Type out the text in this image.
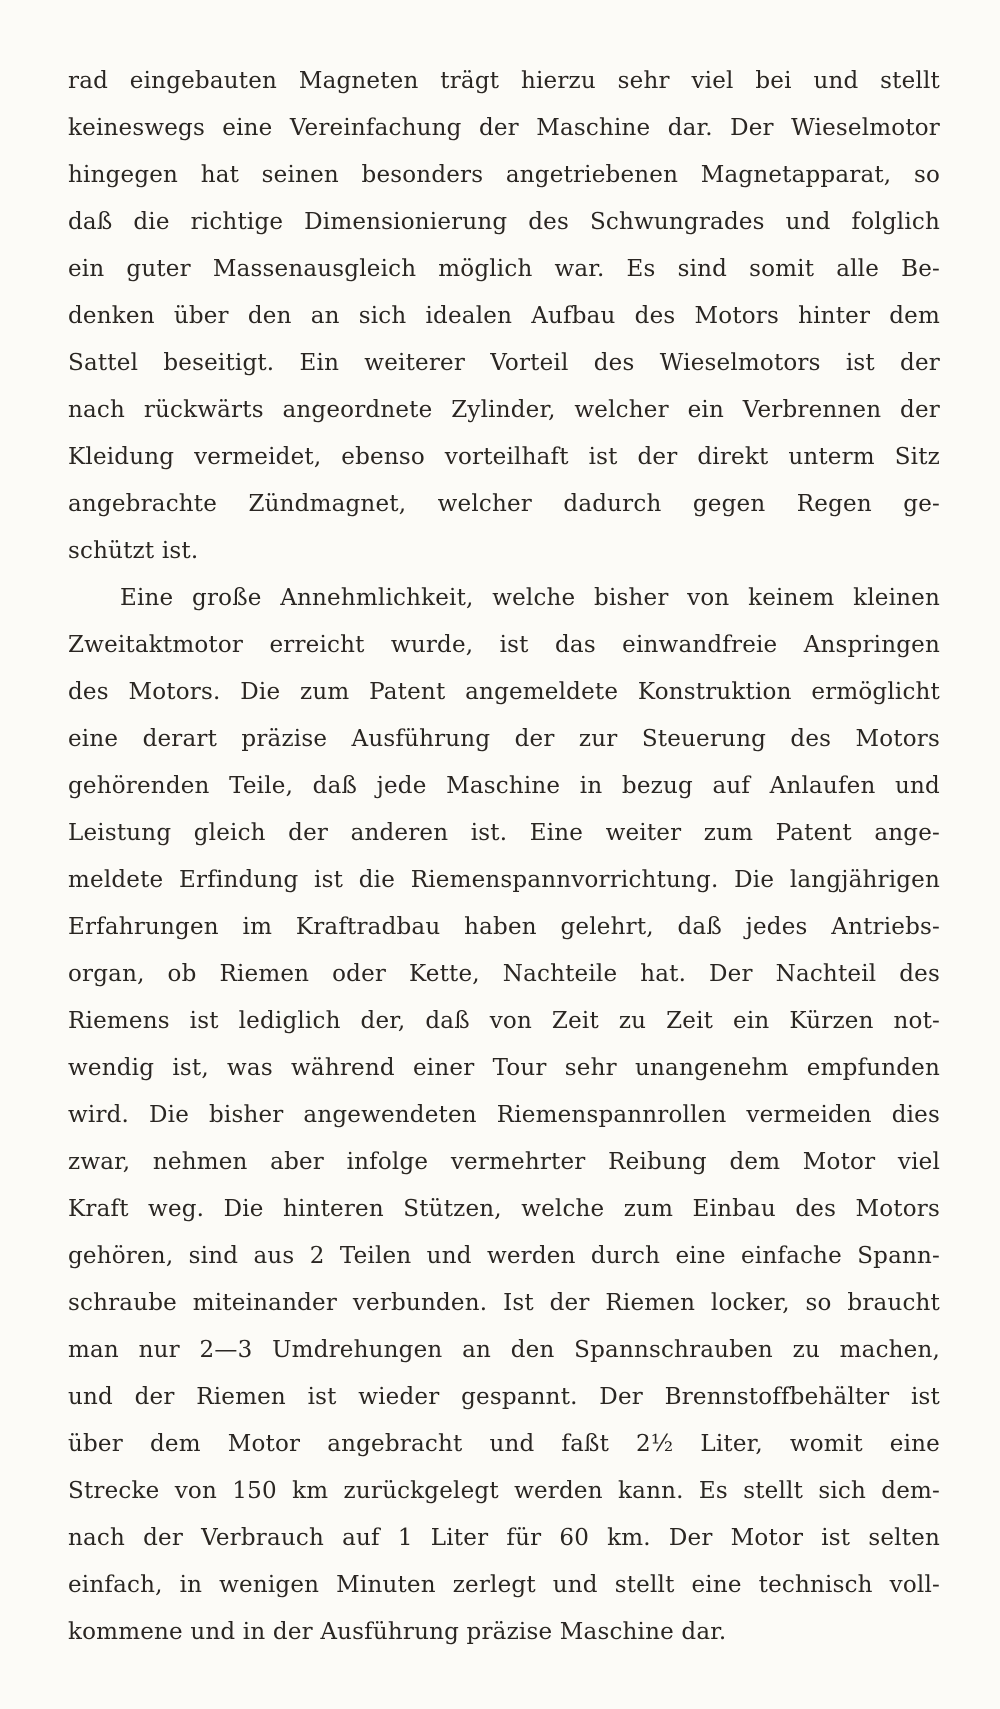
rad eingebauten Magneten trägt hierzu sehr viel bei und stellt
keineswegs eine Vereinfachung der Maschine dar. Der Wieselmotor
hingegen hat seinen besonders angetriebenen Magnetapparat, so
daß die richtige Dimensionierung des Schwungrades und folglich
ein guter Massenausgleich möglich war. Es sind somit alle Be-
denken über den an sich idealen Aufbau des Motors hinter dem
Sattel beseitigt. Ein weiterer Vorteil des Wieselmotors ist der
nach rückwärts angeordnete Zylinder, welcher ein Verbrennen der
Kleidung vermeidet, ebenso vorteilhaft ist der direkt unterm Sitz
angebrachte Zündmagnet, welcher dadurch gegen Regen ge-
schützt ist.
Eine große Annehmlichkeit, welche bisher von keinem kleinen
Zweitaktmotor erreicht wurde, ist das einwandfreie Anspringen
des Motors. Die zum Patent angemeldete Konstruktion ermöglicht
eine derart präzise Ausführung der zur Steuerung des Motors
gehörenden Teile, daß jede Maschine in bezug auf Anlaufen und
Leistung gleich der anderen ist. Eine weiter zum Patent ange-
meldete Erfindung ist die Riemenspannvorrichtung. Die langjährigen
Erfahrungen im Kraftradbau haben gelehrt, daß jedes Antriebs-
organ, ob Riemen oder Kette, Nachteile hat. Der Nachteil des
Riemens ist lediglich der, daß von Zeit zu Zeit ein Kürzen not-
wendig ist, was während einer Tour sehr unangenehm empfunden
wird. Die bisher angewendeten Riemenspannrollen vermeiden dies
zwar, nehmen aber infolge vermehrter Reibung dem Motor viel
Kraft weg. Die hinteren Stützen, welche zum Einbau des Motors
gehören, sind aus 2 Teilen und werden durch eine einfache Spann-
schraube miteinander verbunden. Ist der Riemen locker, so braucht
man nur 2—3 Umdrehungen an den Spannschrauben zu machen,
und der Riemen ist wieder gespannt. Der Brennstoffbehälter ist
über dem Motor angebracht und faßt 2½ Liter, womit eine
Strecke von 150 km zurückgelegt werden kann. Es stellt sich dem-
nach der Verbrauch auf 1 Liter für 60 km. Der Motor ist selten
einfach, in wenigen Minuten zerlegt und stellt eine technisch voll-
kommene und in der Ausführung präzise Maschine dar.
